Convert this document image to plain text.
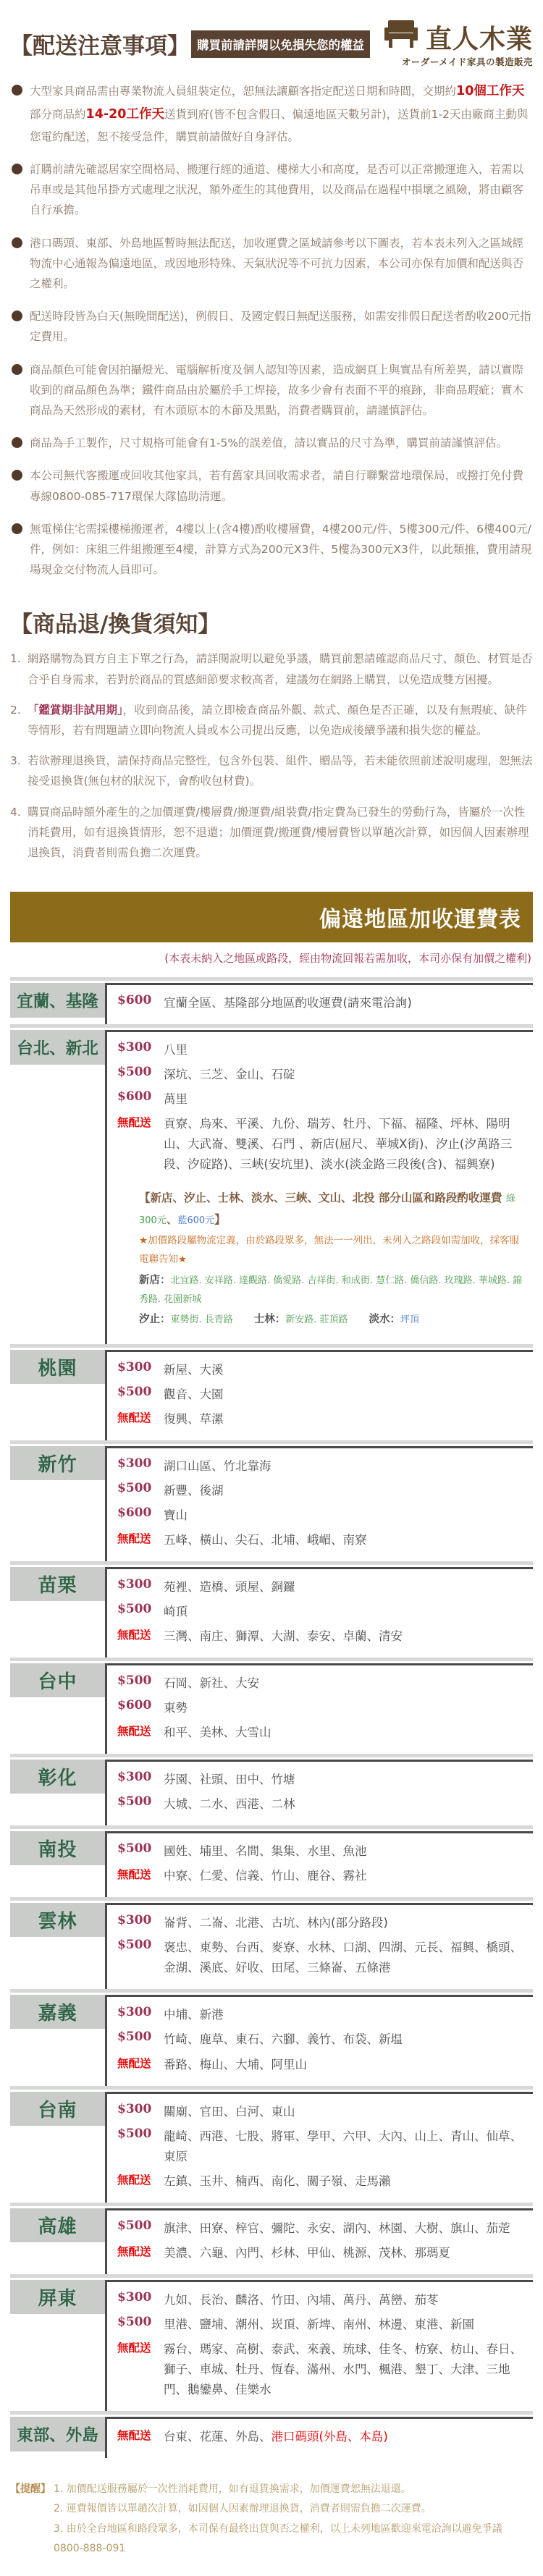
【配送注意事項】 購買前請詳閱以免損失您的權益 直人木業
オーダーメイド家具の製造販売
大型家具商品需由專業物流人員組裝定位，恕無法讓顧客指定配送日期和時間，交期約10個工作天部分商品約14-20工作天送貨到府(皆不包含假日、偏遠地區天數另計)，送貨前1-2天由廠商主動與您電約配送，恕不接受急件，購買前請做好自身評估。
訂購前請先確認居家空間格局、搬運行經的通道、樓梯大小和高度，是否可以正常搬運進入，若需以吊車或是其他吊掛方式處理之狀況，額外產生的其他費用，以及商品在過程中損壞之風險，將由顧客自行承擔。
港口碼頭、東部、外島地區暫時無法配送，加收運費之區域請參考以下圖表，若本表未列入之區域經物流中心通報為偏遠地區，或因地形特殊、天氣狀況等不可抗力因素，本公司亦保有加價和配送與否之權利。
配送時段皆為白天(無晚間配送)，例假日、及國定假日無配送服務，如需安排假日配送者酌收200元指定費用。
商品顏色可能會因拍攝燈光、電腦解析度及個人認知等因素，造成網頁上與實品有所差異，請以實際收到的商品顏色為準；鐵件商品由於屬於手工焊接，故多少會有表面不平的痕跡，非商品瑕疵；實木商品為天然形成的素材，有木頭原本的木節及黑點，消費者購買前，請謹慎評估。
商品為手工製作，尺寸規格可能會有1-5%的誤差值，請以實品的尺寸為準，購買前請謹慎評估。
本公司無代客搬運或回收其他家具，若有舊家具回收需求者，請自行聯繫當地環保局，或撥打免付費專線0800-085-717環保大隊協助清運。
無電梯住宅需採樓梯搬運者，4樓以上(含4樓)酌收樓層費，4樓200元/件、5樓300元/件、6樓400元/件，例如：床組三件組搬運至4樓，計算方式為200元X3件、5樓為300元X3件，以此類推，費用請現場現金交付物流人員即可。
【商品退/換貨須知】
1. 網路購物為買方自主下單之行為，請詳閱說明以避免爭議，購買前懇請確認商品尺寸、顏色、材質是否合乎自身需求，若對於商品的質感細節要求較高者，建議勿在網路上購買，以免造成雙方困擾。
2. 「鑑賞期非試用期」，收到商品後，請立即檢查商品外觀、款式、顏色是否正確，以及有無瑕疵、缺件等情形，若有問題請立即向物流人員或本公司提出反應，以免造成後續爭議和損失您的權益。
3. 若欲辦理退換貨，請保持商品完整性，包含外包裝、組件、贈品等，若未能依照前述說明處理，恕無法接受退換貨(無包材的狀況下，會酌收包材費)。
4. 購買商品時額外產生的之加價運費/樓層費/搬運費/組裝費/指定費為已發生的勞動行為，皆屬於一次性消耗費用，如有退換貨情形，恕不退還；加價運費/搬運費/樓層費皆以單趟次計算，如因個人因素辦理退換貨，消費者則需負擔二次運費。
偏遠地區加收運費表
(本表未納入之地區或路段，經由物流回報若需加收，本司亦保有加價之權利)
宜蘭、基隆	$600	宜蘭全區、基隆部分地區酌收運費(請來電洽詢)
台北、新北	$300	八里
$500	深坑、三芝、金山、石碇
$600	萬里
無配送	貢寮、烏來、平溪、九份、瑞芳、牡丹、下福、福隆、坪林、陽明山、大武崙、雙溪、石門 、新店(屈尺、華城X街)、汐止(汐萬路三段、汐碇路)、三峽(安坑里)、淡水(淡金路三段後(含)、福興寮)
【新店、汐止、士林、淡水、三峽、文山、北投 部分山區和路段酌收運費 綠300元、藍600元】
★加價路段屬物流定義，由於路段眾多，無法一一列出，未列入之路段如需加收，採客服電聯告知★
新店：北宜路. 安祥路. 達觀路. 僑愛路. 吉祥街. 和成街. 慧仁路. 僑信路. 玫瑰路. 華城路. 錦秀路. 花園新城
汐止：東勢街. 長青路　　士林：新安路. 莊頂路　　淡水：坪頂
桃園	$300	新屋、大溪
$500	觀音、大園
無配送	復興、草漯
新竹	$300	湖口山區、竹北靠海
$500	新豐、後湖
$600	寶山
無配送	五峰、橫山、尖石、北埔、峨嵋、南寮
苗栗	$300	苑裡、造橋、頭屋、銅鑼
$500	崎頂
無配送	三灣、南庄、獅潭、大湖、泰安、卓蘭、清安
台中	$500	石岡、新社、大安
$600	東勢
無配送	和平、美林、大雪山
彰化	$300	芬園、社頭、田中、竹塘
$500	大城、二水、西港、二林
南投	$500	國姓、埔里、名間、集集、水里、魚池
無配送	中寮、仁愛、信義、竹山、鹿谷、霧社
雲林	$300	崙背、二崙、北港、古坑、林內(部分路段)
$500	褒忠、東勢、台西、麥寮、水林、口湖、四湖、元長、福興、橋頭、金湖、溪底、好收、田尾、三條崙、五條港
嘉義	$300	中埔、新港
$500	竹崎、鹿草、東石、六腳、義竹、布袋、新塭
無配送	番路、梅山、大埔、阿里山
台南	$300	關廟、官田、白河、東山
$500	龍崎、西港、七股、將軍、學甲、六甲、大內、山上、青山、仙草、東原
無配送	左鎮、玉井、楠西、南化、關子嶺、走馬瀨
高雄	$500	旗津、田寮、梓官、彌陀、永安、湖內、林園、大樹、旗山、茄萣
無配送	美濃、六龜、內門、杉林、甲仙、桃源、茂林、那瑪夏
屏東	$300	九如、長治、麟洛、竹田、內埔、萬丹、萬巒、茄苳
$500	里港、鹽埔、潮州、崁頂、新埤、南州、林邊、東港、新園
無配送	霧台、瑪家、高樹、泰武、來義、琉球、佳冬、枋寮、枋山、春日、獅子、車城、牡丹、恆春、滿州、水門、楓港、墾丁、大津、三地門、鵝鑾鼻、佳樂水
東部、外島	無配送	台東、花蓮、外島、港口碼頭(外島、本島)
【提醒】 1. 加價配送服務屬於一次性消耗費用，如有退貨換需求，加價運費恕無法退還。
2. 運費報價皆以單趟次計算，如因個人因素辦理退換貨，消費者則需負擔二次運費。
3. 由於全台地區和路段眾多，本司保有最終出貨與否之權利，以上未列地區歡迎來電洽詢以避免爭議 0800-888-091
